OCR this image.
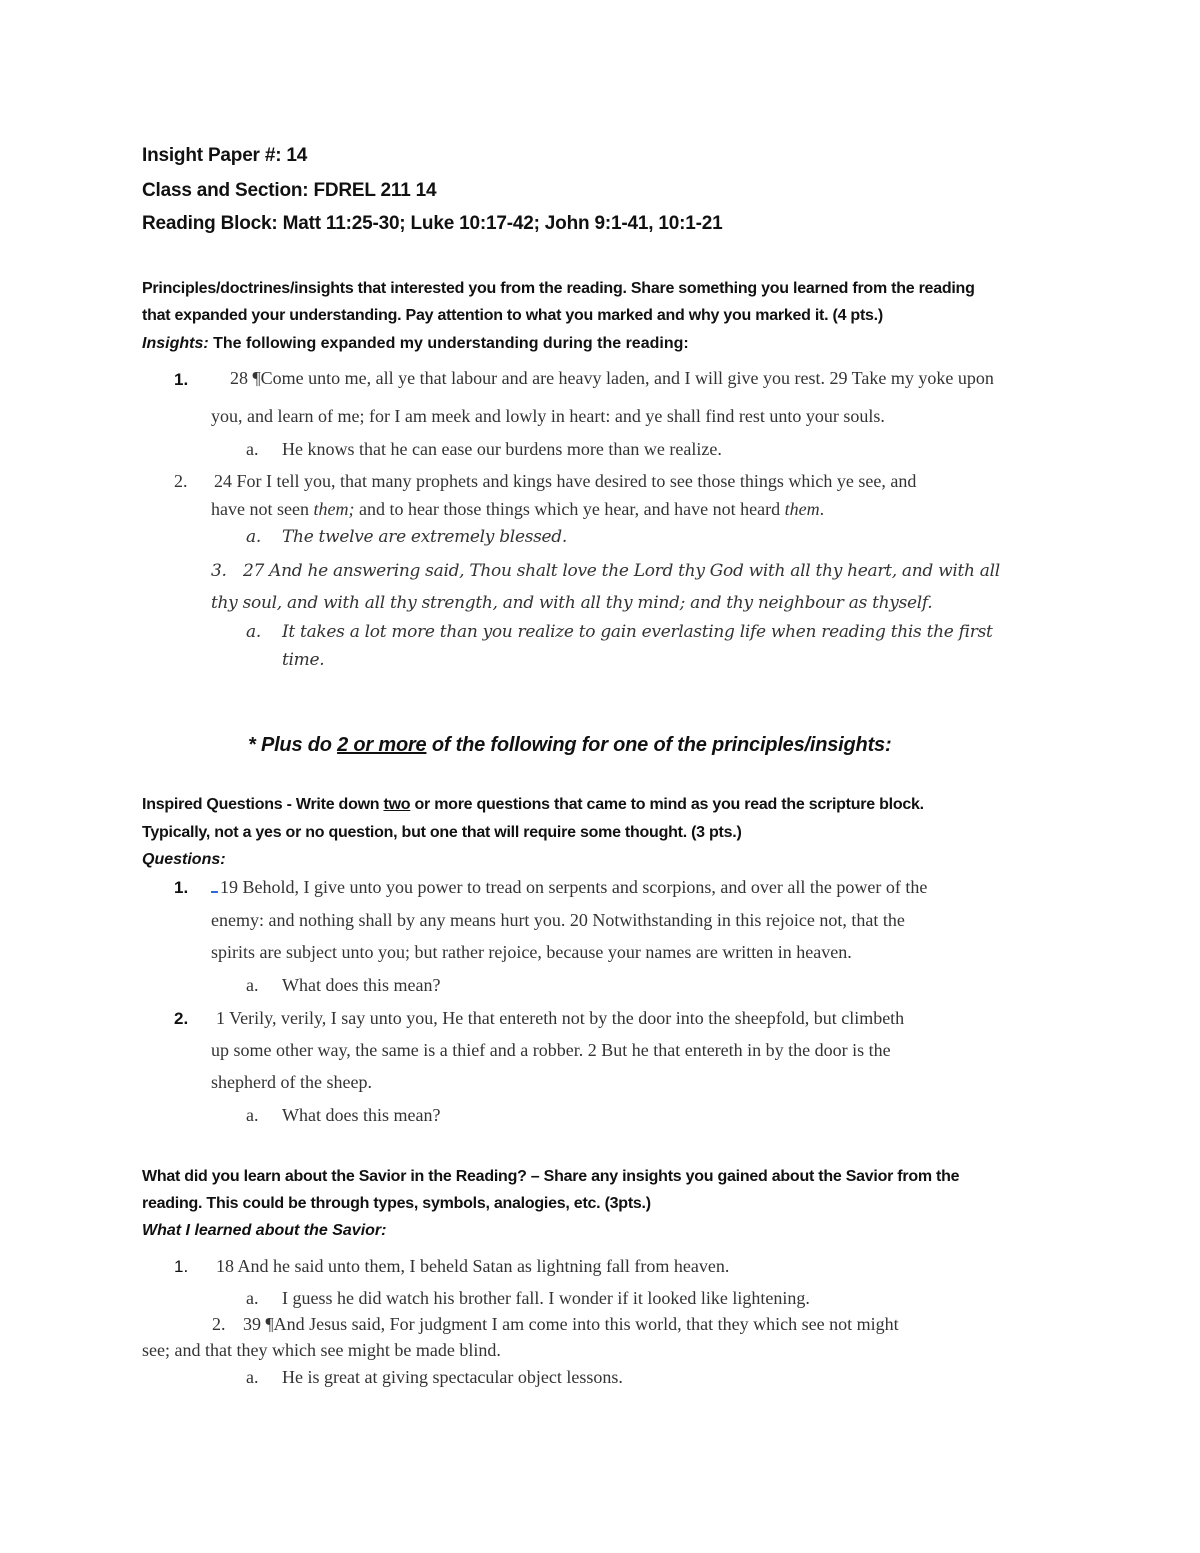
Insight Paper #: 14
Class and Section: FDREL 211 14
Reading Block: Matt 11:25-30; Luke 10:17-42; John 9:1-41, 10:1-21
Principles/doctrines/insights that interested you from the reading. Share something you learned from the reading
that expanded your understanding. Pay attention to what you marked and why you marked it. (4 pts.)
Insights: The following expanded my understanding during the reading:
1. 28 ¶Come unto me, all ye that labour and are heavy laden, and I will give you rest. 29 Take my yoke upon
you, and learn of me; for I am meek and lowly in heart: and ye shall find rest unto your souls.
a. He knows that he can ease our burdens more than we realize.
2. 24 For I tell you, that many prophets and kings have desired to see those things which ye see, and
have not seen them; and to hear those things which ye hear, and have not heard them.
a. The twelve are extremely blessed.
3. 27 And he answering said, Thou shalt love the Lord thy God with all thy heart, and with all
thy soul, and with all thy strength, and with all thy mind; and thy neighbour as thyself.
a. It takes a lot more than you realize to gain everlasting life when reading this the first
time.
* Plus do 2 or more of the following for one of the principles/insights:
Inspired Questions - Write down two or more questions that came to mind as you read the scripture block.
Typically, not a yes or no question, but one that will require some thought. (3 pts.)
Questions:
1.	19 Behold, I give unto you power to tread on serpents and scorpions, and over all the power of the
enemy: and nothing shall by any means hurt you. 20 Notwithstanding in this rejoice not, that the
spirits are subject unto you; but rather rejoice, because your names are written in heaven.
a. What does this mean?
2. 1 Verily, verily, I say unto you, He that entereth not by the door into the sheepfold, but climbeth
up some other way, the same is a thief and a robber. 2 But he that entereth in by the door is the
shepherd of the sheep.
a. What does this mean?
What did you learn about the Savior in the Reading? – Share any insights you gained about the Savior from the
reading. This could be through types, symbols, analogies, etc. (3pts.)
What I learned about the Savior:
1. 18 And he said unto them, I beheld Satan as lightning fall from heaven.
a. I guess he did watch his brother fall. I wonder if it looked like lightening.
2. 39 ¶And Jesus said, For judgment I am come into this world, that they which see not might
see; and that they which see might be made blind.
a. He is great at giving spectacular object lessons.
